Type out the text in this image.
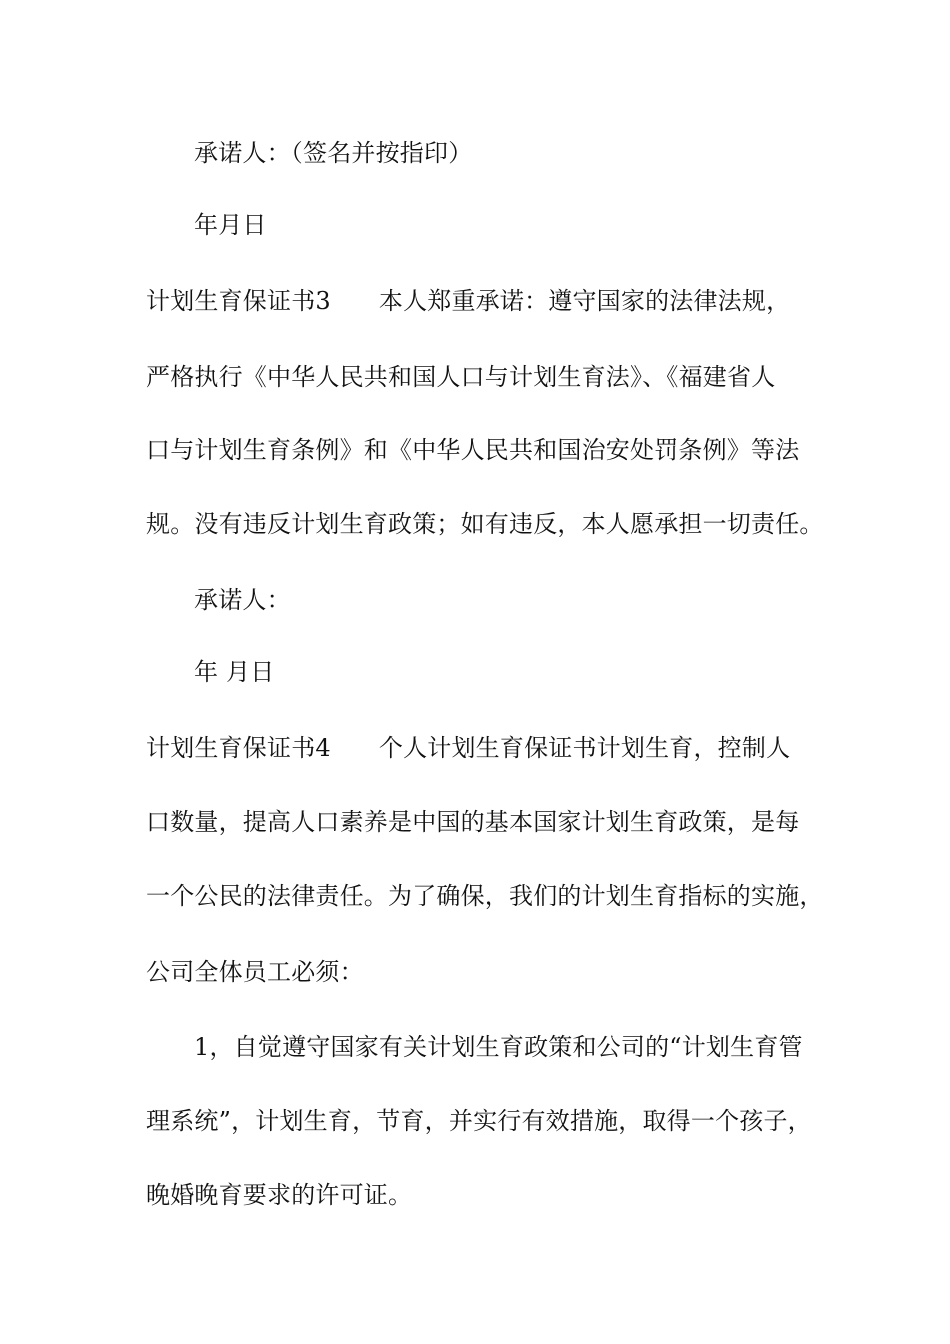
承诺人：（签名并按指印）
年月日
计划生育保证书3 本人郑重承诺：遵守国家的法律法规，
严格执行《中华人民共和国人口与计划生育法》、《福建省人
口与计划生育条例》和《中华人民共和国治安处罚条例》等法
规。没有违反计划生育政策；如有违反，本人愿承担一切责任。
承诺人：
年 月日
计划生育保证书4 个人计划生育保证书计划生育，控制人
口数量，提高人口素养是中国的基本国家计划生育政策，是每
一个公民的法律责任。为了确保，我们的计划生育指标的实施，
公司全体员工必须：
1，自觉遵守国家有关计划生育政策和公司的“计划生育管
理系统”，计划生育，节育，并实行有效措施，取得一个孩子，
晚婚晚育要求的许可证。
